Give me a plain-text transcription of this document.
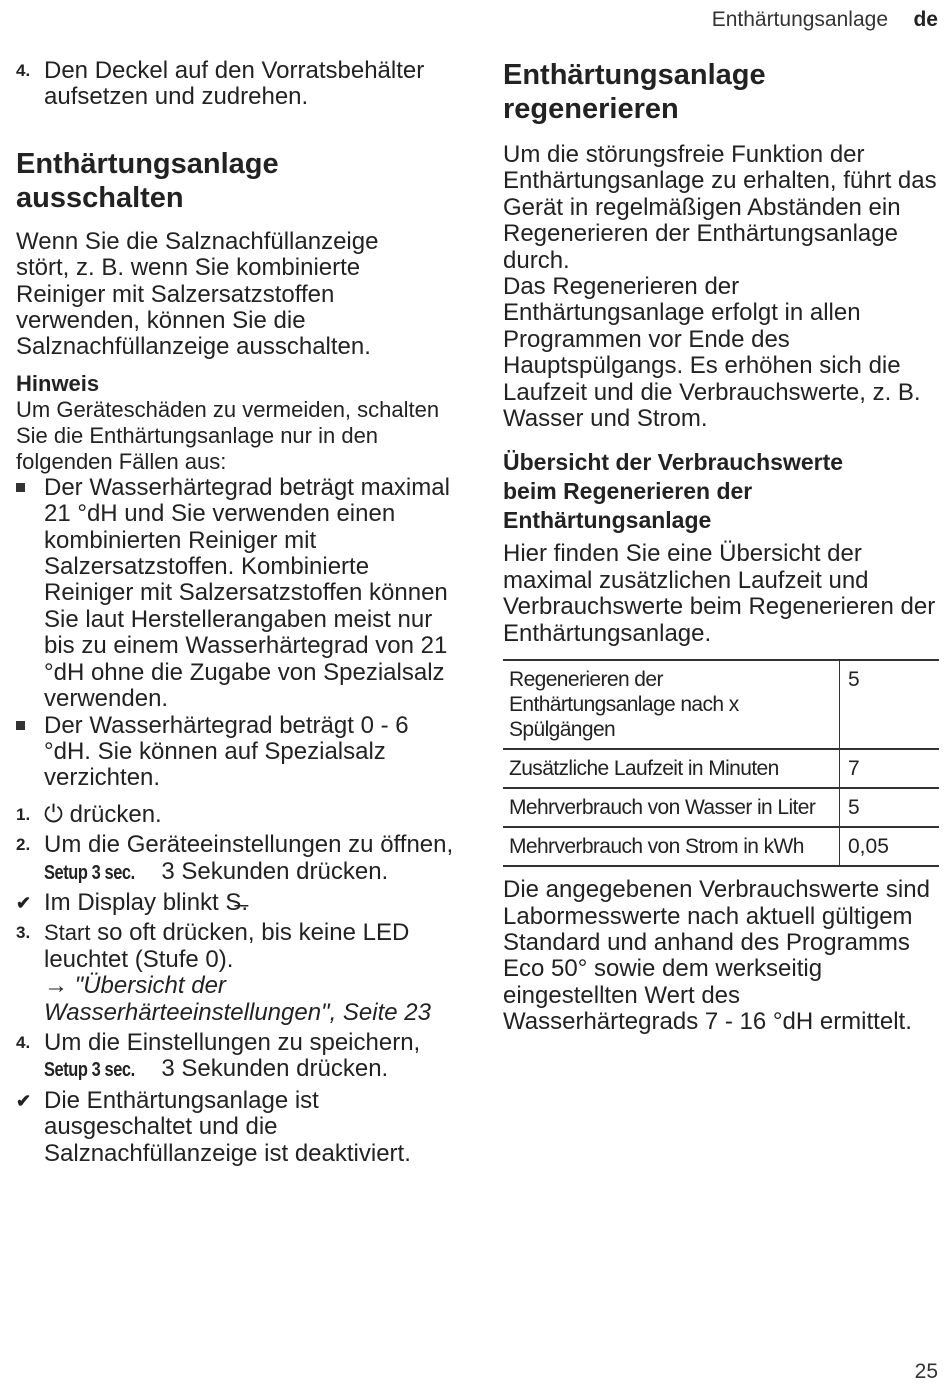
Enthärtungsanlage de
4. Den Deckel auf den Vorratsbehälter aufsetzen und zudrehen.
Enthärtungsanlage ausschalten

Wenn Sie die Salznachfüllanzeige stört, z. B. wenn Sie kombinierte Reiniger mit Salzersatzstoffen verwenden, können Sie die Salznachfüllanzeige ausschalten.

Hinweis

Um Geräteschäden zu vermeiden, schalten Sie die Enthärtungsanlage nur in den folgenden Fällen aus:

Der Wasserhärtegrad beträgt maximal 21 °dH und Sie verwenden einen kombinierten Reiniger mit Salzersatzstoffen. Kombinierte Reiniger mit Salzersatzstoffen können Sie laut Herstellerangaben meist nur bis zu einem Wasserhärtegrad von 21 °dH ohne die Zugabe von Spezialsalz verwenden.
Der Wasserhärtegrad beträgt 0 - 6 °dH. Sie können auf Spezialsalz verzichten.
1. ⏻ drücken.
2. Um die Geräteeinstellungen zu öffnen, Setup 3 sec. 3 Sekunden drücken.
✔ Im Display blinkt S̶.
3. Start so oft drücken, bis keine LED leuchtet (Stufe 0).
→ "Übersicht der Wasserhärteeinstellungen", Seite 23
4. Um die Einstellungen zu speichern, Setup 3 sec. 3 Sekunden drücken.
✔ Die Enthärtungsanlage ist ausgeschaltet und die Salznachfüllanzeige ist deaktiviert.
Enthärtungsanlage regenerieren

Um die störungsfreie Funktion der Enthärtungsanlage zu erhalten, führt das Gerät in regelmäßigen Abständen ein Regenerieren der Enthärtungsanlage durch.

Das Regenerieren der Enthärtungsanlage erfolgt in allen Programmen vor Ende des Hauptspülgangs. Es erhöhen sich die Laufzeit und die Verbrauchswerte, z. B. Wasser und Strom.

Übersicht der Verbrauchswerte beim Regenerieren der Enthärtungsanlage

Hier finden Sie eine Übersicht der maximal zusätzlichen Laufzeit und Verbrauchswerte beim Regenerieren der Enthärtungsanlage.

Regenerieren der Enthärtungsanlage nach x Spülgängen	5
Zusätzliche Laufzeit in Minuten	7
Mehrverbrauch von Wasser in Liter	5
Mehrverbrauch von Strom in kWh	0,05

Die angegebenen Verbrauchswerte sind Labormesswerte nach aktuell gültigem Standard und anhand des Programms Eco 50° sowie dem werkseitig eingestellten Wert des Wasserhärtegrads 7 - 16 °dH ermittelt.

25
